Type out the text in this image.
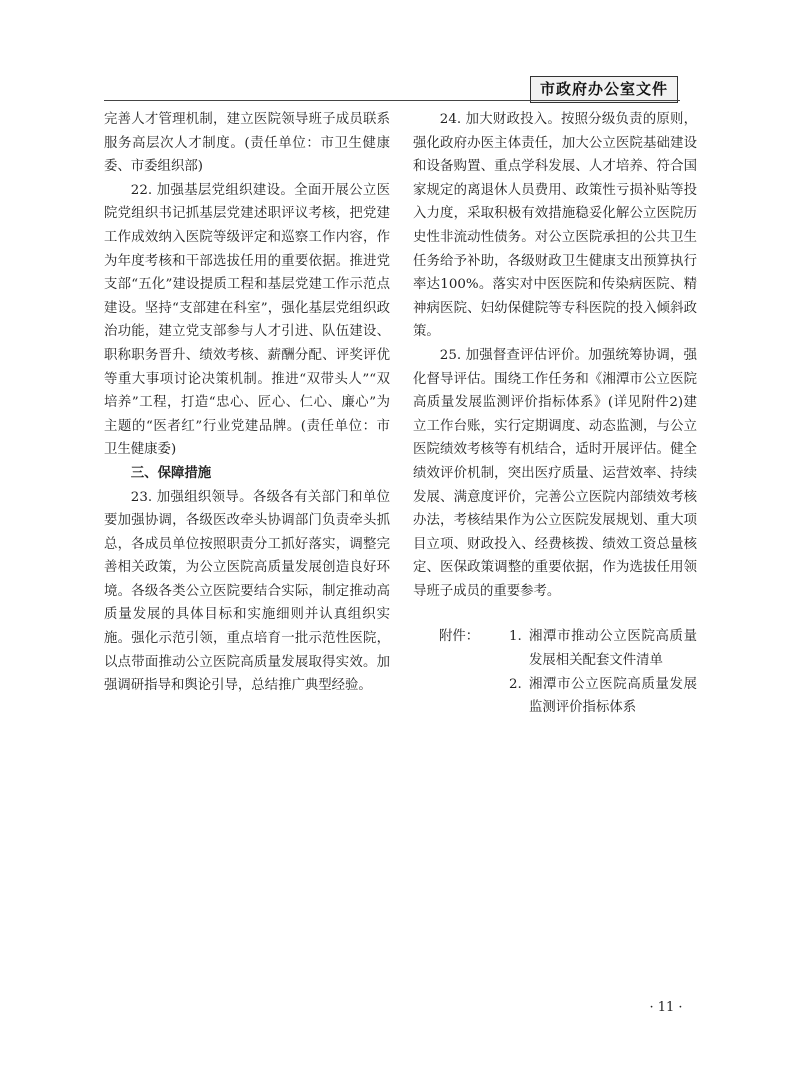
市政府办公室文件

完善人才管理机制，建立医院领导班子成员联系服务高层次人才制度。(责任单位：市卫生健康委、市委组织部)

22. 加强基层党组织建设。全面开展公立医院党组织书记抓基层党建述职评议考核，把党建工作成效纳入医院等级评定和巡察工作内容，作为年度考核和干部选拔任用的重要依据。推进党支部“五化”建设提质工程和基层党建工作示范点建设。坚持“支部建在科室”，强化基层党组织政治功能，建立党支部参与人才引进、队伍建设、职称职务晋升、绩效考核、薪酬分配、评奖评优等重大事项讨论决策机制。推进“双带头人”“双培养”工程，打造“忠心、匠心、仁心、廉心”为主题的“医者红”行业党建品牌。(责任单位：市卫生健康委)

三、保障措施

23. 加强组织领导。各级各有关部门和单位要加强协调，各级医改牵头协调部门负责牵头抓总，各成员单位按照职责分工抓好落实，调整完善相关政策，为公立医院高质量发展创造良好环境。各级各类公立医院要结合实际，制定推动高质量发展的具体目标和实施细则并认真组织实施。强化示范引领，重点培育一批示范性医院，以点带面推动公立医院高质量发展取得实效。加强调研指导和舆论引导，总结推广典型经验。

24. 加大财政投入。按照分级负责的原则，强化政府办医主体责任，加大公立医院基础建设和设备购置、重点学科发展、人才培养、符合国家规定的离退休人员费用、政策性亏损补贴等投入力度，采取积极有效措施稳妥化解公立医院历史性非流动性债务。对公立医院承担的公共卫生任务给予补助，各级财政卫生健康支出预算执行率达100%。落实对中医医院和传染病医院、精神病医院、妇幼保健院等专科医院的投入倾斜政策。

25. 加强督查评估评价。加强统筹协调，强化督导评估。围绕工作任务和《湘潭市公立医院高质量发展监测评价指标体系》(详见附件2)建立工作台账，实行定期调度、动态监测，与公立医院绩效考核等有机结合，适时开展评估。健全绩效评价机制，突出医疗质量、运营效率、持续发展、满意度评价，完善公立医院内部绩效考核办法，考核结果作为公立医院发展规划、重大项目立项、财政投入、经费核拨、绩效工资总量核定、医保政策调整的重要依据，作为选拔任用领导班子成员的重要参考。

附件：	1. 湘潭市推动公立医院高质量发展相关配套文件清单
2. 湘潭市公立医院高质量发展监测评价指标体系
· 11 ·
